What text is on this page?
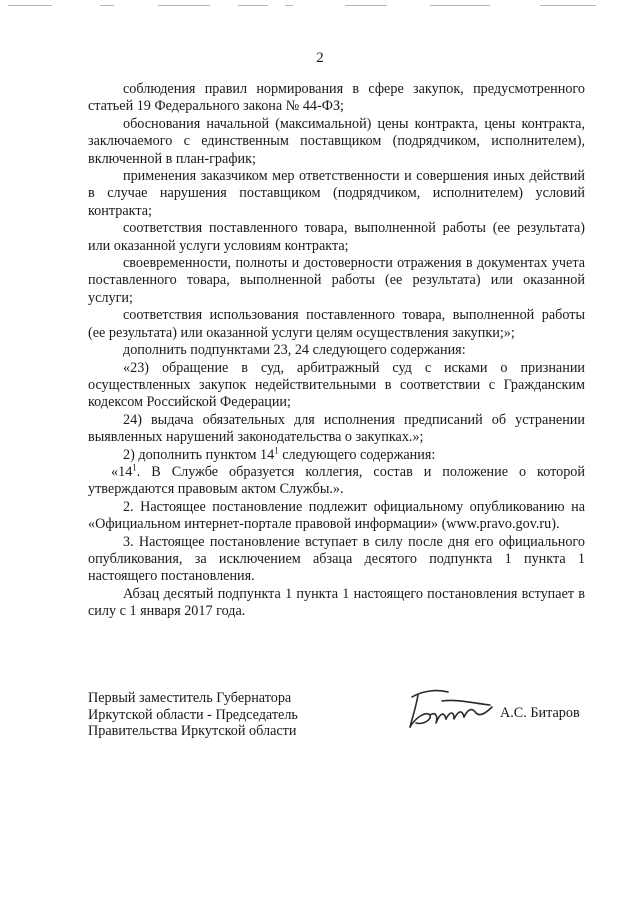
2

соблюдения правил нормирования в сфере закупок, предусмотренного статьей 19 Федерального закона № 44-ФЗ;

обоснования начальной (максимальной) цены контракта, цены контракта, заключаемого с единственным поставщиком (подрядчиком, исполнителем), включенной в план-график;

применения заказчиком мер ответственности и совершения иных действий в случае нарушения поставщиком (подрядчиком, исполнителем) условий контракта;

соответствия поставленного товара, выполненной работы (ее результата) или оказанной услуги условиям контракта;

своевременности, полноты и достоверности отражения в документах учета поставленного товара, выполненной работы (ее результата) или оказанной услуги;

соответствия использования поставленного товара, выполненной работы (ее результата) или оказанной услуги целям осуществления закупки;»;

дополнить подпунктами 23, 24 следующего содержания:

«23) обращение в суд, арбитражный суд с исками о признании осуществленных закупок недействительными в соответствии с Гражданским кодексом Российской Федерации;

24) выдача обязательных для исполнения предписаний об устранении выявленных нарушений законодательства о закупках.»;

2) дополнить пунктом $14^1$ следующего содержания:

«$14^1$. В Службе образуется коллегия, состав и положение о которой утверждаются правовым актом Службы.».

2. Настоящее постановление подлежит официальному опубликованию на «Официальном интернет-портале правовой информации» (www.pravo.gov.ru).

3. Настоящее постановление вступает в силу после дня его официального опубликования, за исключением абзаца десятого подпункта 1 пункта 1 настоящего постановления.

Абзац десятый подпункта 1 пункта 1 настоящего постановления вступает в силу с 1 января 2017 года.

Первый заместитель Губернатора
Иркутской области - Председатель
Правительства Иркутской области
А.С. Битаров
